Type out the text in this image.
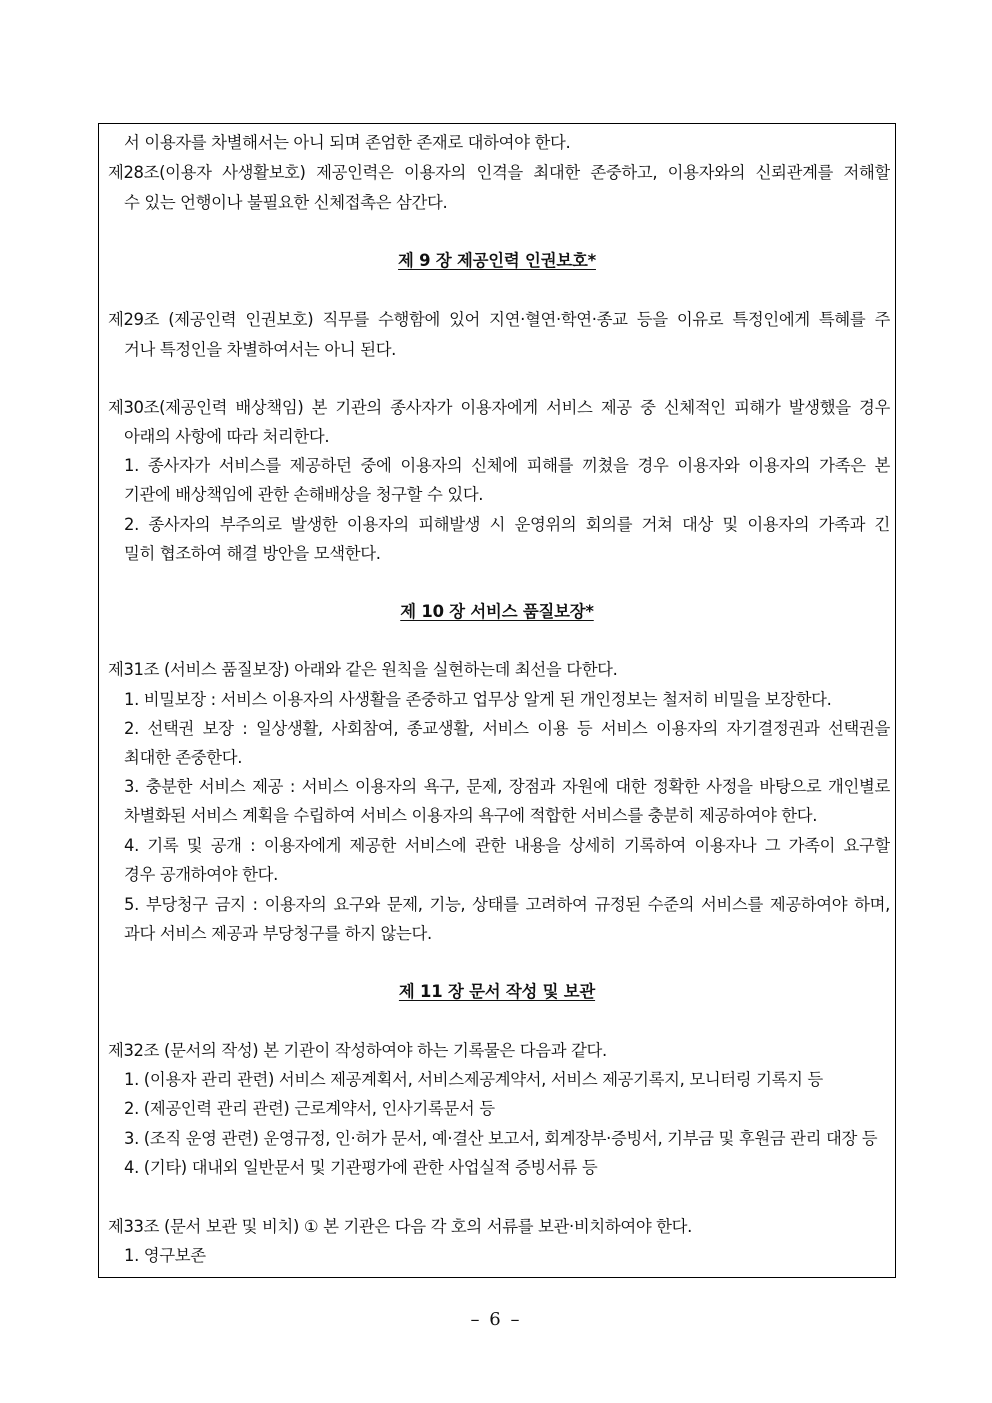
서 이용자를 차별해서는 아니 되며 존엄한 존재로 대하여야 한다.
제28조(이용자 사생활보호) 제공인력은 이용자의 인격을 최대한 존중하고, 이용자와의 신뢰관계를 저해할
수 있는 언행이나 불필요한 신체접촉은 삼간다.
제 9 장 제공인력 인권보호*
제29조 (제공인력 인권보호) 직무를 수행함에 있어 지연·혈연·학연·종교 등을 이유로 특정인에게 특혜를 주
거나 특정인을 차별하여서는 아니 된다.
제30조(제공인력 배상책임) 본 기관의 종사자가 이용자에게 서비스 제공 중 신체적인 피해가 발생했을 경우
아래의 사항에 따라 처리한다.
1. 종사자가 서비스를 제공하던 중에 이용자의 신체에 피해를 끼쳤을 경우 이용자와 이용자의 가족은 본
기관에 배상책임에 관한 손해배상을 청구할 수 있다.
2. 종사자의 부주의로 발생한 이용자의 피해발생 시 운영위의 회의를 거쳐 대상 및 이용자의 가족과 긴
밀히 협조하여 해결 방안을 모색한다.
제 10 장 서비스 품질보장*
제31조 (서비스 품질보장) 아래와 같은 원칙을 실현하는데 최선을 다한다.
1. 비밀보장 : 서비스 이용자의 사생활을 존중하고 업무상 알게 된 개인정보는 철저히 비밀을 보장한다.
2. 선택권 보장 : 일상생활, 사회참여, 종교생활, 서비스 이용 등 서비스 이용자의 자기결정권과 선택권을
최대한 존중한다.
3. 충분한 서비스 제공 : 서비스 이용자의 욕구, 문제, 장점과 자원에 대한 정확한 사정을 바탕으로 개인별로
차별화된 서비스 계획을 수립하여 서비스 이용자의 욕구에 적합한 서비스를 충분히 제공하여야 한다.
4. 기록 및 공개 : 이용자에게 제공한 서비스에 관한 내용을 상세히 기록하여 이용자나 그 가족이 요구할
경우 공개하여야 한다.
5. 부당청구 금지 : 이용자의 요구와 문제, 기능, 상태를 고려하여 규정된 수준의 서비스를 제공하여야 하며,
과다 서비스 제공과 부당청구를 하지 않는다.
제 11 장 문서 작성 및 보관
제32조 (문서의 작성) 본 기관이 작성하여야 하는 기록물은 다음과 같다.
1. (이용자 관리 관련) 서비스 제공계획서, 서비스제공계약서, 서비스 제공기록지, 모니터링 기록지 등
2. (제공인력 관리 관련) 근로계약서, 인사기록문서 등
3. (조직 운영 관련) 운영규정, 인·허가 문서, 예·결산 보고서, 회계장부·증빙서, 기부금 및 후원금 관리 대장 등
4. (기타) 대내외 일반문서 및 기관평가에 관한 사업실적 증빙서류 등
제33조 (문서 보관 및 비치) ① 본 기관은 다음 각 호의 서류를 보관·비치하여야 한다.
1. 영구보존
– 6 –
